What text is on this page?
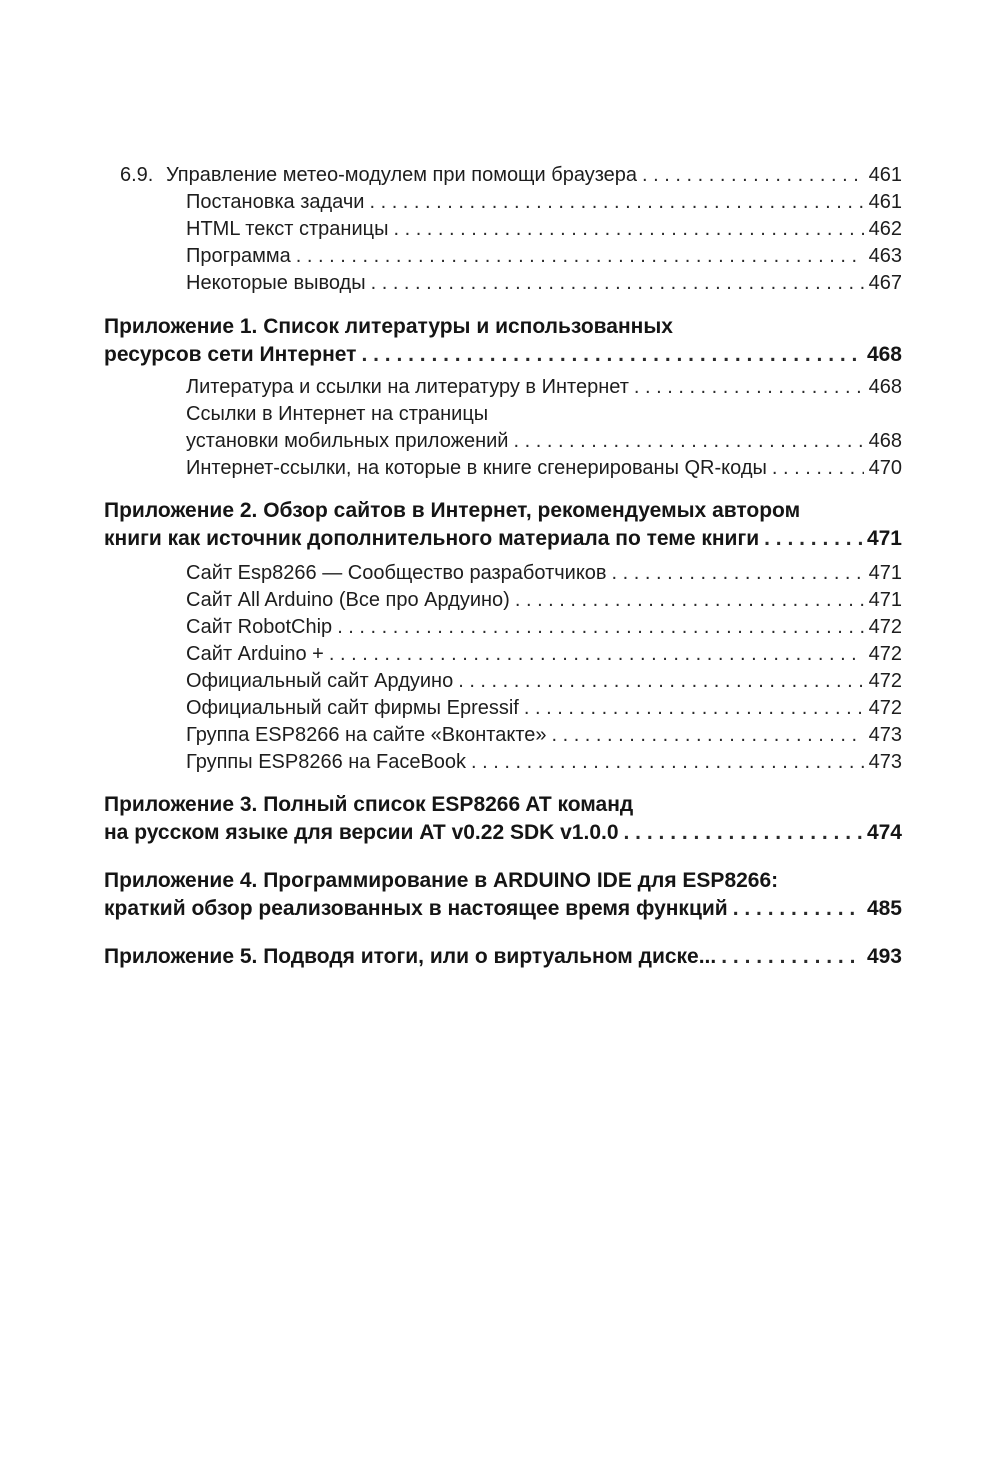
6.9. Управление метео-модулем при помощи браузера . . .	461
Постановка задачи . . .	461
HTML текст страницы . . .	462
Программа . . .	463
Некоторые выводы . . .	467
Приложение 1. Список литературы и использованных
ресурсов сети Интернет . . .	468
Литература и ссылки на литературу в Интернет . . .	468
Ссылки в Интернет на страницы
установки мобильных приложений . . .	468
Интернет-ссылки, на которые в книге сгенерированы QR-коды . . .	470
Приложение 2. Обзор сайтов в Интернет, рекомендуемых автором
книги как источник дополнительного материала по теме книги . . .	471
Сайт Esp8266 — Сообщество разработчиков . . .	471
Сайт All Arduino (Все про Ардуино) . . .	471
Сайт RobotChip . . .	472
Сайт Arduino + . . .	472
Официальный сайт Ардуино . . .	472
Официальный сайт фирмы Epressif . . .	472
Группа ESP8266 на сайте «Вконтакте» . . .	473
Группы ESP8266 на FaceBook . . .	473
Приложение 3. Полный список ESP8266 AT команд
на русском языке для версии AT v0.22 SDK v1.0.0 . . .	474
Приложение 4. Программирование в ARDUINO IDE для ESP8266:
краткий обзор реализованных в настоящее время функций . . .	485
Приложение 5. Подводя итоги, или о виртуальном диске... . . .	493
